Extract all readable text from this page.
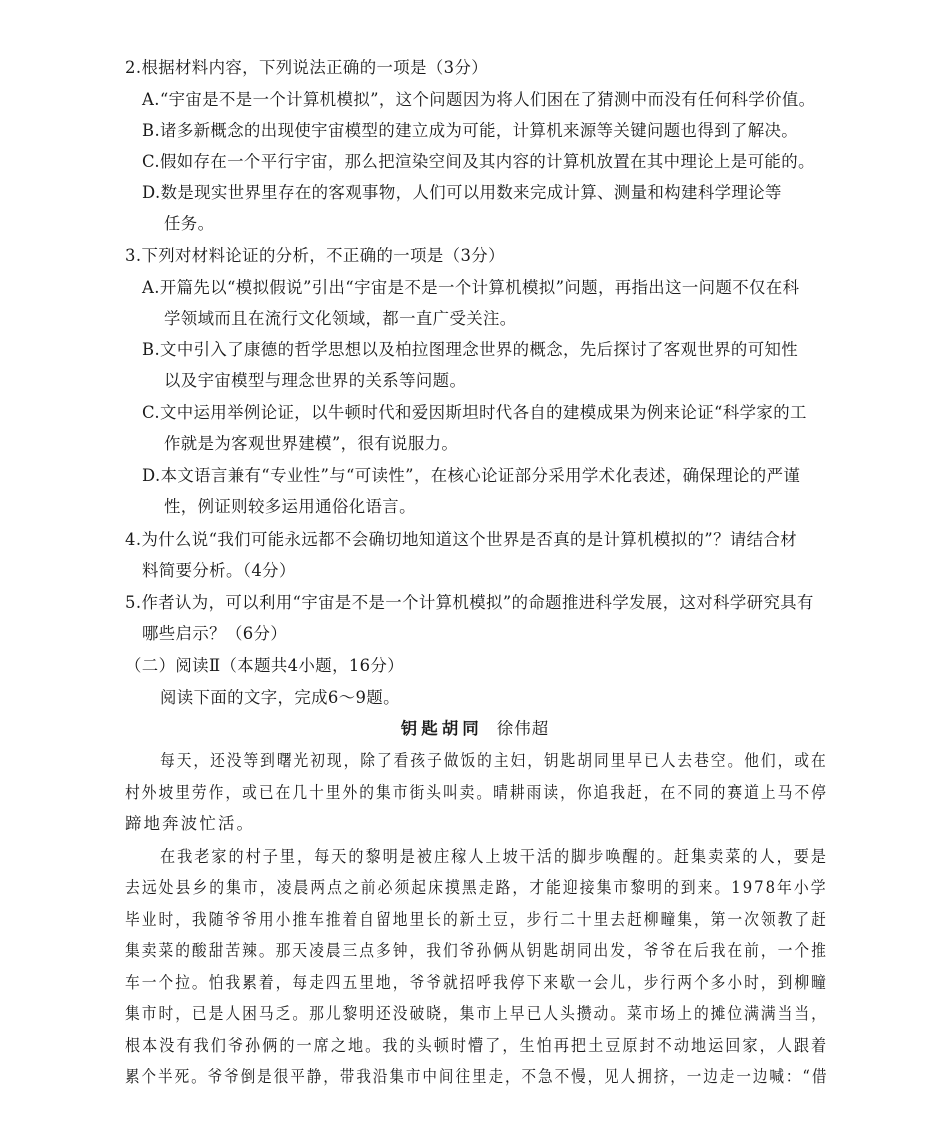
2.根据材料内容，下列说法正确的一项是（3分）
A.“宇宙是不是一个计算机模拟”，这个问题因为将人们困在了猜测中而没有任何科学价值。
B.诸多新概念的出现使宇宙模型的建立成为可能，计算机来源等关键问题也得到了解决。
C.假如存在一个平行宇宙，那么把渲染空间及其内容的计算机放置在其中理论上是可能的。
D.数是现实世界里存在的客观事物，人们可以用数来完成计算、测量和构建科学理论等
任务。
3.下列对材料论证的分析，不正确的一项是（3分）
A.开篇先以“模拟假说”引出“宇宙是不是一个计算机模拟”问题，再指出这一问题不仅在科
学领域而且在流行文化领域，都一直广受关注。
B.文中引入了康德的哲学思想以及柏拉图理念世界的概念，先后探讨了客观世界的可知性
以及宇宙模型与理念世界的关系等问题。
C.文中运用举例论证，以牛顿时代和爱因斯坦时代各自的建模成果为例来论证“科学家的工
作就是为客观世界建模”，很有说服力。
D.本文语言兼有“专业性”与“可读性”，在核心论证部分采用学术化表述，确保理论的严谨
性，例证则较多运用通俗化语言。
4.为什么说“我们可能永远都不会确切地知道这个世界是否真的是计算机模拟的”？请结合材
料简要分析。（4分）
5.作者认为，可以利用“宇宙是不是一个计算机模拟”的命题推进科学发展，这对科学研究具有
哪些启示？（6分）
（二）阅读Ⅱ（本题共4小题，16分）
阅读下面的文字，完成6～9题。
钥匙胡同 徐伟超
每天，还没等到曙光初现，除了看孩子做饭的主妇，钥匙胡同里早已人去巷空。他们，或在
村外坡里劳作，或已在几十里外的集市街头叫卖。晴耕雨读，你追我赶，在不同的赛道上马不停
蹄地奔波忙活。
在我老家的村子里，每天的黎明是被庄稼人上坡干活的脚步唤醒的。赶集卖菜的人，要是
去远处县乡的集市，凌晨两点之前必须起床摸黑走路，才能迎接集市黎明的到来。1978年小学
毕业时，我随爷爷用小推车推着自留地里长的新土豆，步行二十里去赶柳疃集，第一次领教了赶
集卖菜的酸甜苦辣。那天凌晨三点多钟，我们爷孙俩从钥匙胡同出发，爷爷在后我在前，一个推
车一个拉。怕我累着，每走四五里地，爷爷就招呼我停下来歇一会儿，步行两个多小时，到柳疃
集市时，已是人困马乏。那儿黎明还没破晓，集市上早已人头攒动。菜市场上的摊位满满当当，
根本没有我们爷孙俩的一席之地。我的头顿时懵了，生怕再把土豆原封不动地运回家，人跟着
累个半死。爷爷倒是很平静，带我沿集市中间往里走，不急不慢，见人拥挤，一边走一边喊：“借
